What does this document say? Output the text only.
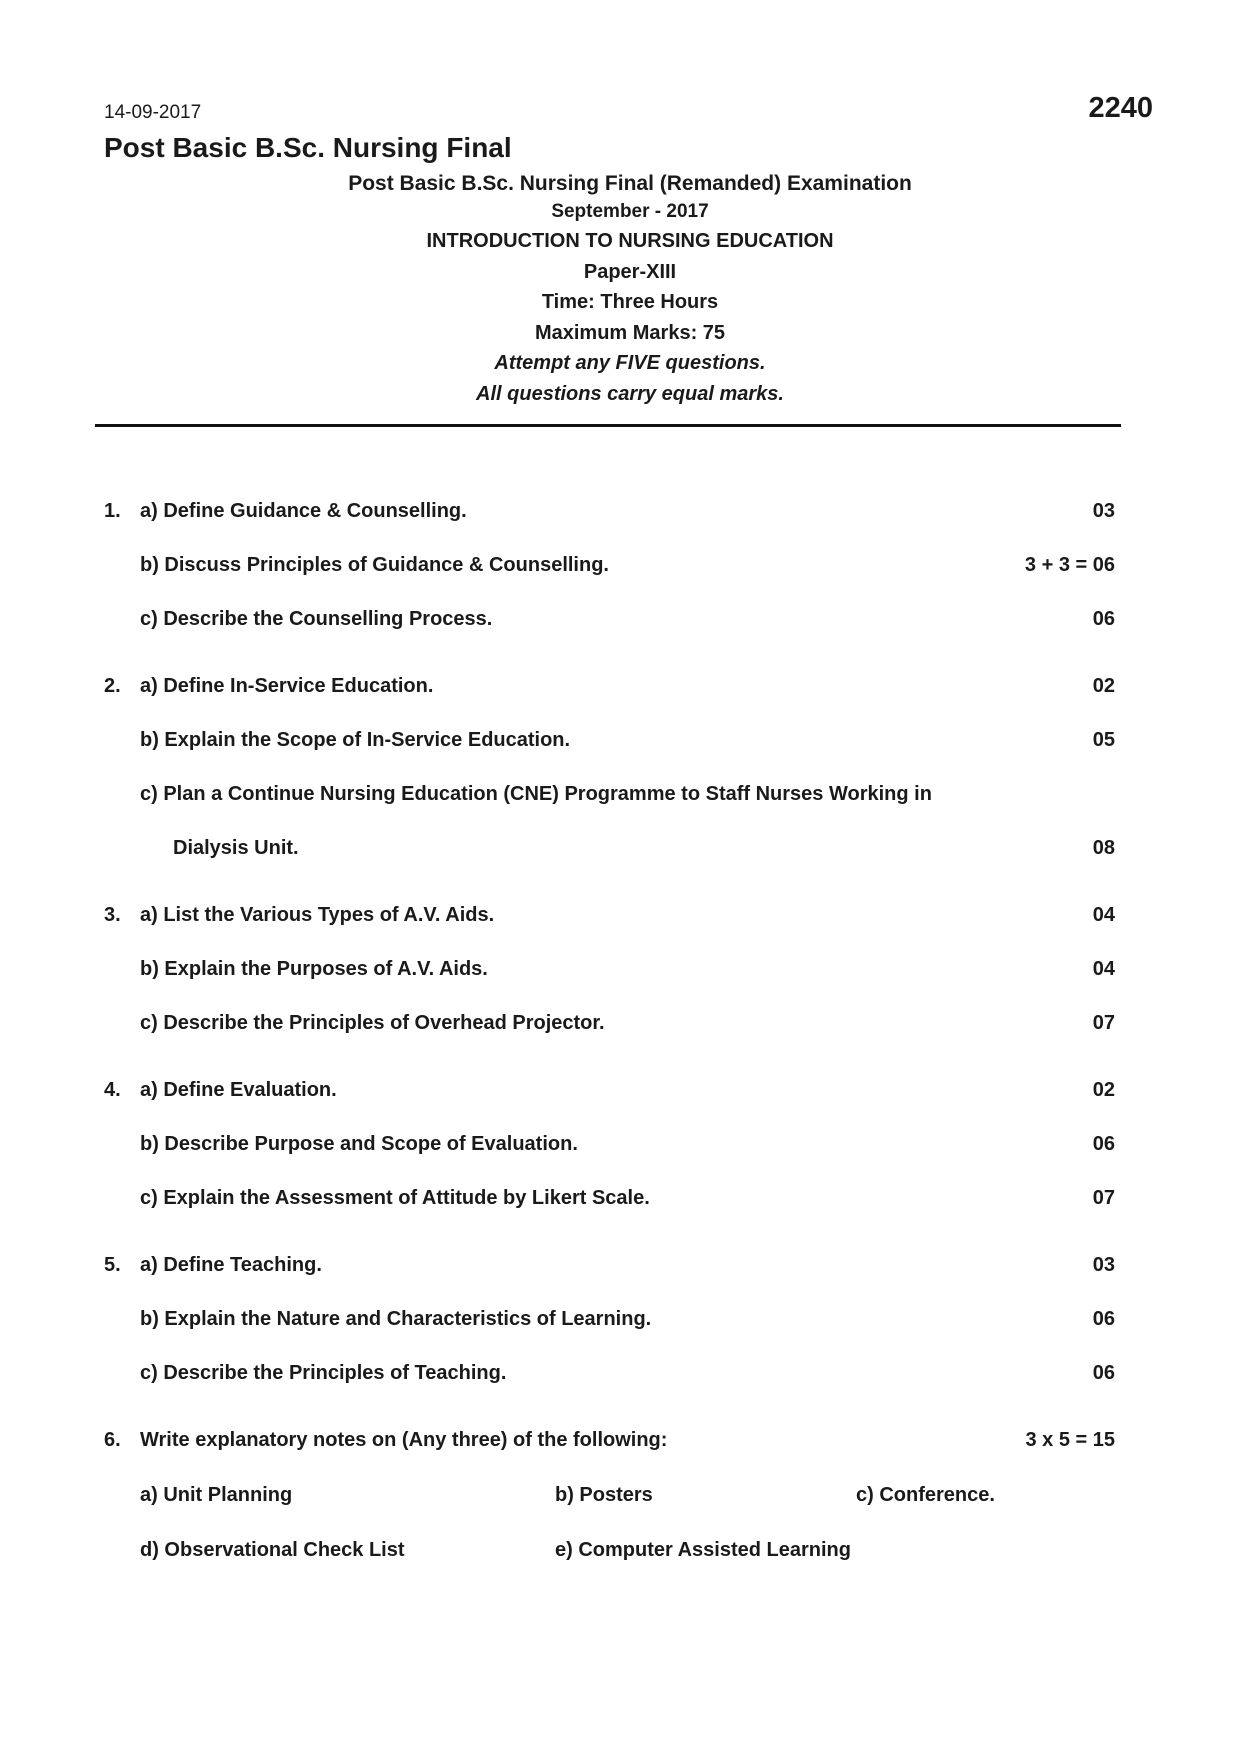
14-09-2017	2240
Post Basic B.Sc. Nursing Final
Post Basic B.Sc. Nursing Final (Remanded) Examination
September - 2017
INTRODUCTION TO NURSING EDUCATION
Paper-XIII
Time: Three Hours
Maximum Marks: 75
Attempt any FIVE questions.
All questions carry equal marks.
1. a) Define Guidance & Counselling.	03
b) Discuss Principles of Guidance & Counselling.	3 + 3 = 06
c) Describe the Counselling Process.	06
2. a) Define In-Service Education.	02
b) Explain the Scope of In-Service Education.	05
c) Plan a Continue Nursing Education (CNE) Programme to Staff Nurses Working in
Dialysis Unit.	08
3. a) List the Various Types of A.V. Aids.	04
b) Explain the Purposes of A.V. Aids.	04
c) Describe the Principles of Overhead Projector.	07
4. a) Define Evaluation.	02
b) Describe Purpose and Scope of Evaluation.	06
c) Explain the Assessment of Attitude by Likert Scale.	07
5. a) Define Teaching.	03
b) Explain the Nature and Characteristics of Learning.	06
c) Describe the Principles of Teaching.	06
6. Write explanatory notes on (Any three) of the following:	3 x 5 = 15
a) Unit Planning	b) Posters	c) Conference.
d) Observational Check List	e) Computer Assisted Learning
